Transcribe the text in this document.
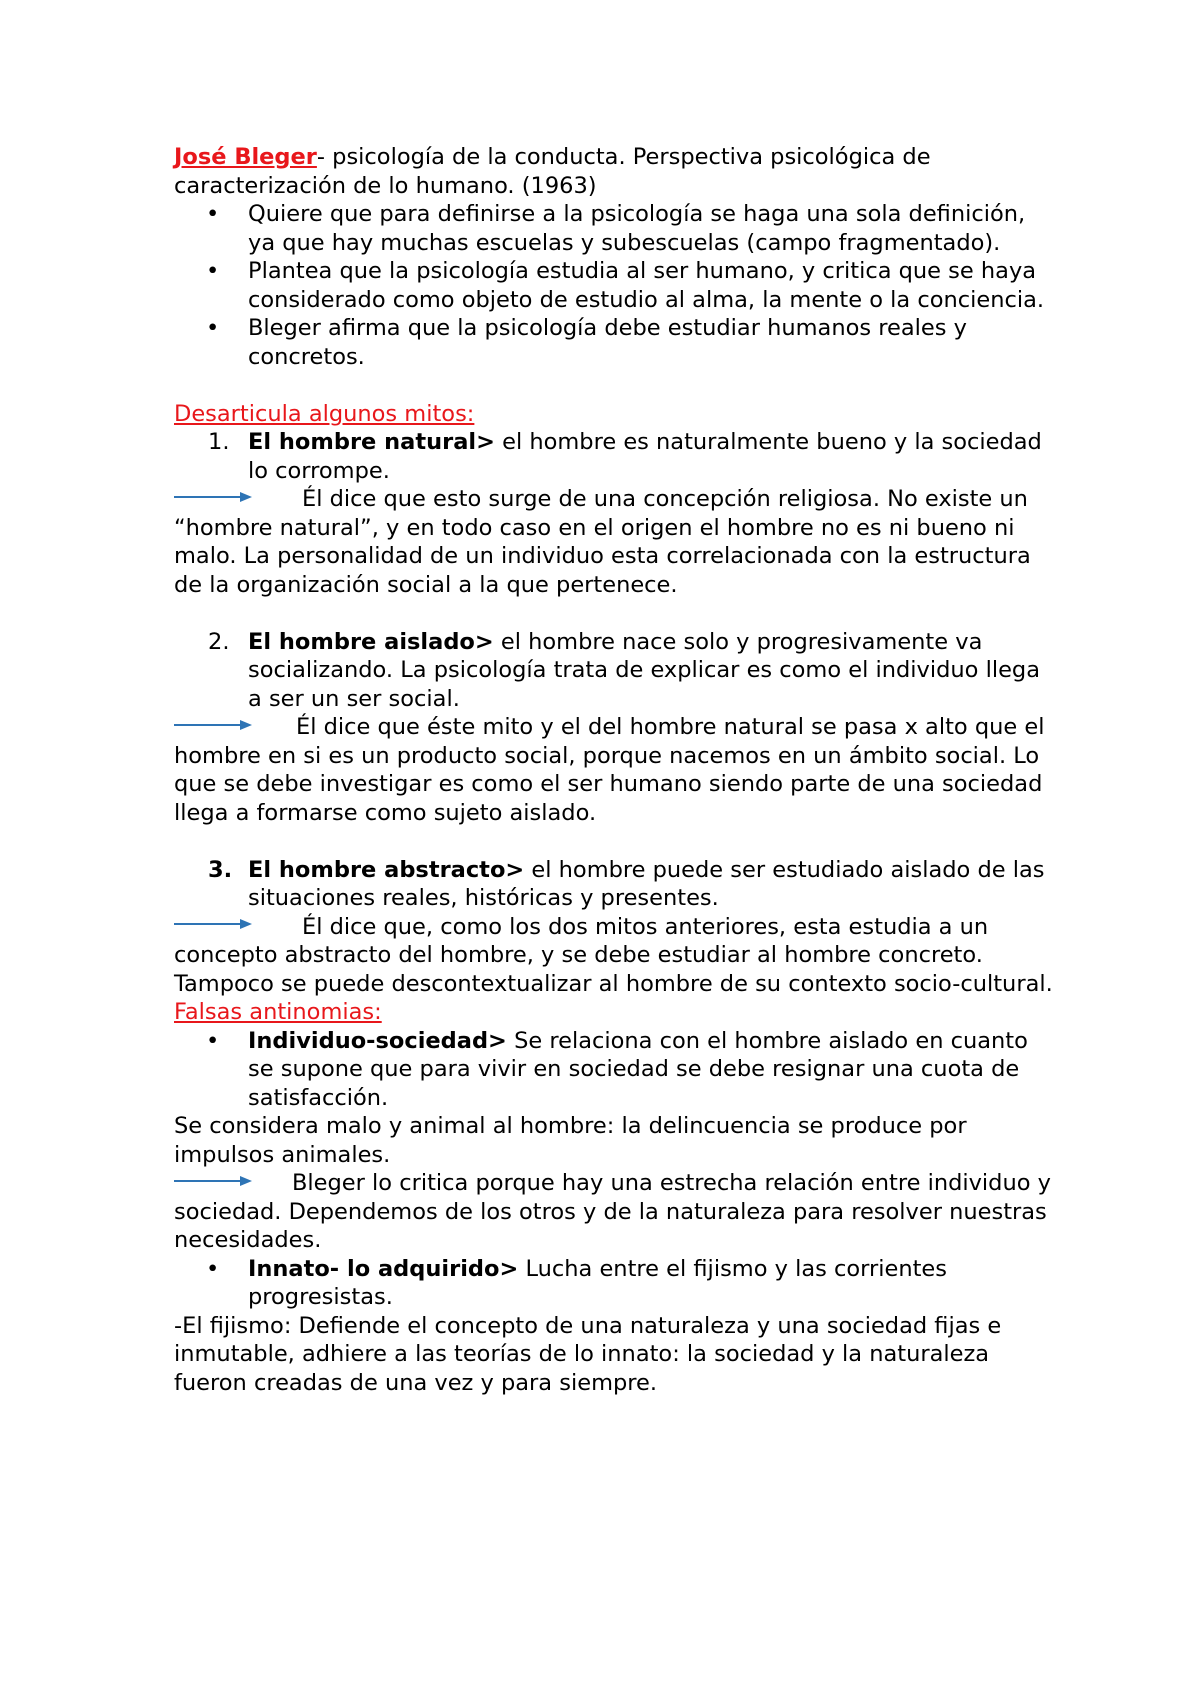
José Bleger- psicología de la conducta. Perspectiva psicológica de caracterización de lo humano. (1963)

• Quiere que para definirse a la psicología se haga una sola definición, ya que hay muchas escuelas y subescuelas (campo fragmentado).
• Plantea que la psicología estudia al ser humano, y critica que se haya considerado como objeto de estudio al alma, la mente o la conciencia.
• Bleger afirma que la psicología debe estudiar humanos reales y concretos.

Desarticula algunos mitos:

1. El hombre natural> el hombre es naturalmente bueno y la sociedad lo corrompe.

Él dice que esto surge de una concepción religiosa. No existe un “hombre natural”, y en todo caso en el origen el hombre no es ni bueno ni malo. La personalidad de un individuo esta correlacionada con la estructura de la organización social a la que pertenece.

2. El hombre aislado> el hombre nace solo y progresivamente va socializando. La psicología trata de explicar es como el individuo llega a ser un ser social.

Él dice que éste mito y el del hombre natural se pasa x alto que el hombre en si es un producto social, porque nacemos en un ámbito social. Lo que se debe investigar es como el ser humano siendo parte de una sociedad llega a formarse como sujeto aislado.

3. El hombre abstracto> el hombre puede ser estudiado aislado de las situaciones reales, históricas y presentes.

Él dice que, como los dos mitos anteriores, esta estudia a un concepto abstracto del hombre, y se debe estudiar al hombre concreto. Tampoco se puede descontextualizar al hombre de su contexto socio-cultural.

Falsas antinomias:

• Individuo-sociedad> Se relaciona con el hombre aislado en cuanto se supone que para vivir en sociedad se debe resignar una cuota de satisfacción.

Se considera malo y animal al hombre: la delincuencia se produce por impulsos animales.

Bleger lo critica porque hay una estrecha relación entre individuo y sociedad. Dependemos de los otros y de la naturaleza para resolver nuestras necesidades.

• Innato- lo adquirido> Lucha entre el fijismo y las corrientes progresistas.

-El fijismo: Defiende el concepto de una naturaleza y una sociedad fijas e inmutable, adhiere a las teorías de lo innato: la sociedad y la naturaleza fueron creadas de una vez y para siempre.
